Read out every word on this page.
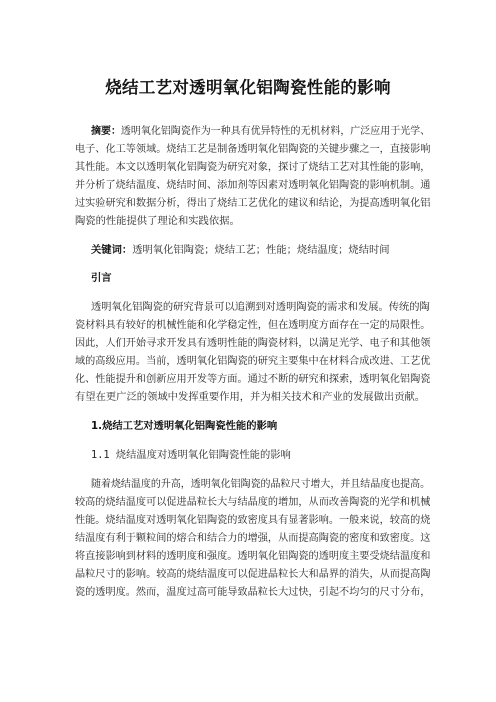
烧结工艺对透明氧化铝陶瓷性能的影响
摘要：透明氧化铝陶瓷作为一种具有优异特性的无机材料，广泛应用于光学、
电子、化工等领域。烧结工艺是制备透明氧化铝陶瓷的关键步骤之一，直接影响
其性能。本文以透明氧化铝陶瓷为研究对象，探讨了烧结工艺对其性能的影响，
并分析了烧结温度、烧结时间、添加剂等因素对透明氧化铝陶瓷的影响机制。通
过实验研究和数据分析，得出了烧结工艺优化的建议和结论，为提高透明氧化铝
陶瓷的性能提供了理论和实践依据。
关键词：透明氧化铝陶瓷；烧结工艺；性能；烧结温度；烧结时间
引言
透明氧化铝陶瓷的研究背景可以追溯到对透明陶瓷的需求和发展。传统的陶
瓷材料具有较好的机械性能和化学稳定性，但在透明度方面存在一定的局限性。
因此，人们开始寻求开发具有透明性能的陶瓷材料，以满足光学、电子和其他领
域的高级应用。当前，透明氧化铝陶瓷的研究主要集中在材料合成改进、工艺优
化、性能提升和创新应用开发等方面。通过不断的研究和探索，透明氧化铝陶瓷
有望在更广泛的领域中发挥重要作用，并为相关技术和产业的发展做出贡献。
1.烧结工艺对透明氧化铝陶瓷性能的影响
1.1 烧结温度对透明氧化铝陶瓷性能的影响
随着烧结温度的升高，透明氧化铝陶瓷的晶粒尺寸增大，并且结晶度也提高。
较高的烧结温度可以促进晶粒长大与结晶度的增加，从而改善陶瓷的光学和机械
性能。烧结温度对透明氧化铝陶瓷的致密度具有显著影响。一般来说，较高的烧
结温度有利于颗粒间的熔合和结合力的增强，从而提高陶瓷的密度和致密度。这
将直接影响到材料的透明度和强度。透明氧化铝陶瓷的透明度主要受烧结温度和
晶粒尺寸的影响。较高的烧结温度可以促进晶粒长大和晶界的消失，从而提高陶
瓷的透明度。然而，温度过高可能导致晶粒长大过快，引起不均匀的尺寸分布，
